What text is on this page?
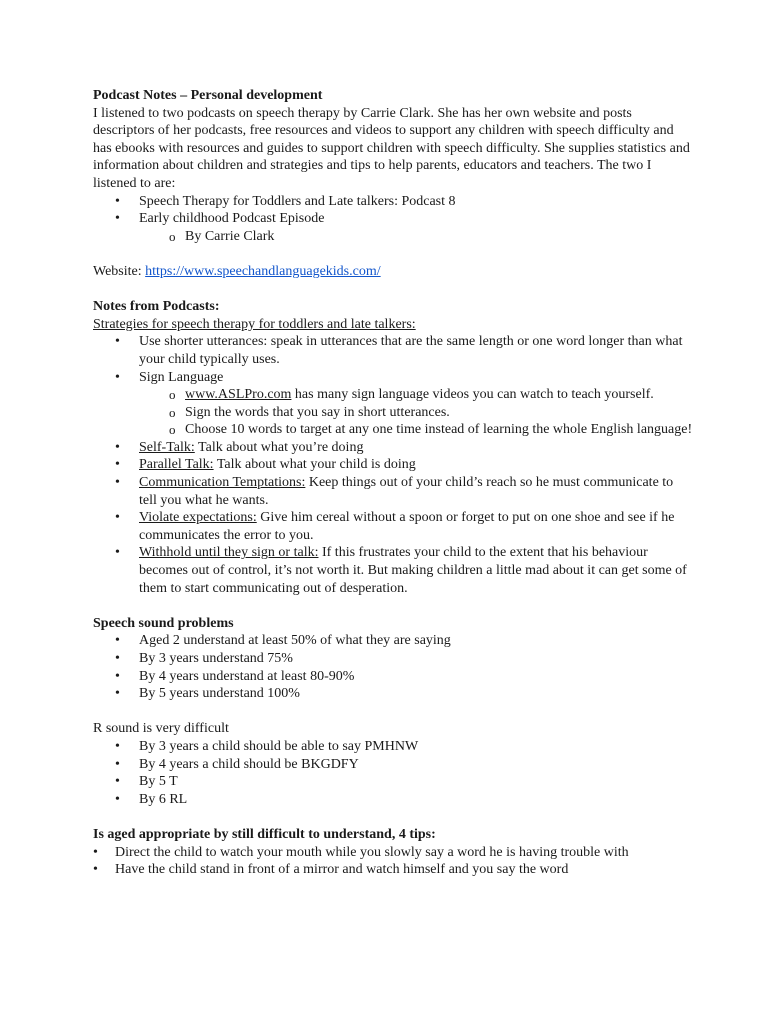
Podcast Notes – Personal development

I listened to two podcasts on speech therapy by Carrie Clark. She has her own website and posts descriptors of her podcasts, free resources and videos to support any children with speech difficulty and has ebooks with resources and guides to support children with speech difficulty. She supplies statistics and information about children and strategies and tips to help parents, educators and teachers. The two I listened to are:

• Speech Therapy for Toddlers and Late talkers: Podcast 8
• Early childhood Podcast Episode
o By Carrie Clark

Website: https://www.speechandlanguagekids.com/

Notes from Podcasts:

Strategies for speech therapy for toddlers and late talkers:

• Use shorter utterances: speak in utterances that are the same length or one word longer than what your child typically uses.
• Sign Language
o www.ASLPro.com has many sign language videos you can watch to teach yourself.
o Sign the words that you say in short utterances.
o Choose 10 words to target at any one time instead of learning the whole English language!
• Self-Talk: Talk about what you’re doing
• Parallel Talk: Talk about what your child is doing
• Communication Temptations: Keep things out of your child’s reach so he must communicate to tell you what he wants.
• Violate expectations: Give him cereal without a spoon or forget to put on one shoe and see if he communicates the error to you.
• Withhold until they sign or talk: If this frustrates your child to the extent that his behaviour becomes out of control, it’s not worth it. But making children a little mad about it can get some of them to start communicating out of desperation.

Speech sound problems

• Aged 2 understand at least 50% of what they are saying
• By 3 years understand 75%
• By 4 years understand at least 80-90%
• By 5 years understand 100%

R sound is very difficult

• By 3 years a child should be able to say PMHNW
• By 4 years a child should be BKGDFY
• By 5 T
• By 6 RL

Is aged appropriate by still difficult to understand, 4 tips:

• Direct the child to watch your mouth while you slowly say a word he is having trouble with
• Have the child stand in front of a mirror and watch himself and you say the word
